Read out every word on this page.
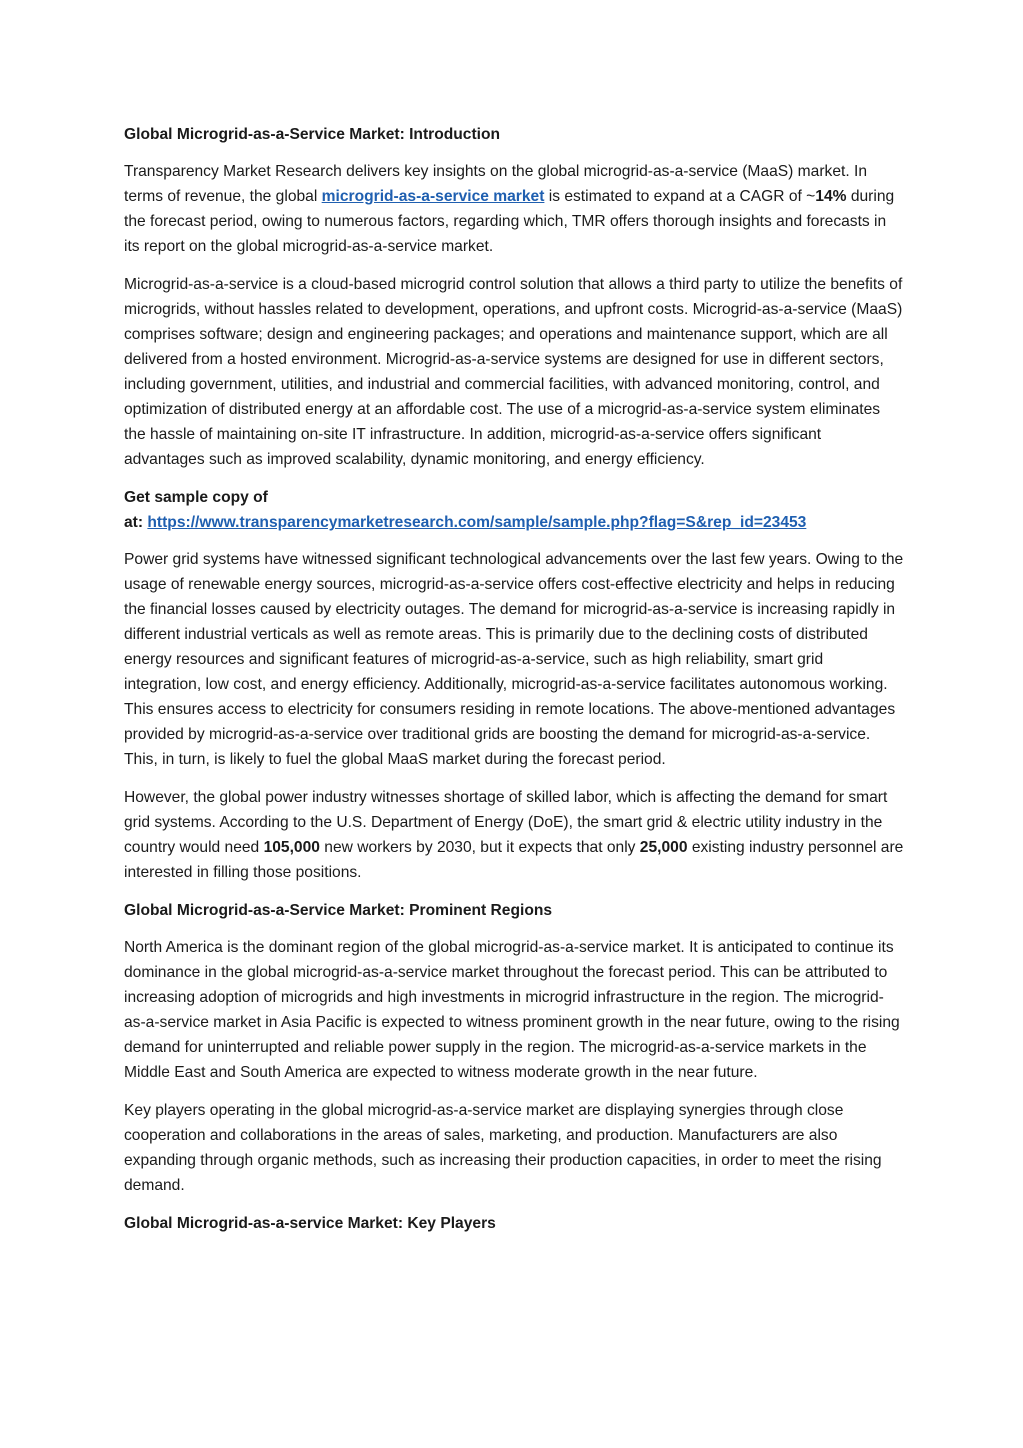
Global Microgrid-as-a-Service Market: Introduction

Transparency Market Research delivers key insights on the global microgrid-as-a-service (MaaS) market. In terms of revenue, the global microgrid-as-a-service market is estimated to expand at a CAGR of ~14% during the forecast period, owing to numerous factors, regarding which, TMR offers thorough insights and forecasts in its report on the global microgrid-as-a-service market.

Microgrid-as-a-service is a cloud-based microgrid control solution that allows a third party to utilize the benefits of microgrids, without hassles related to development, operations, and upfront costs. Microgrid-as-a-service (MaaS) comprises software; design and engineering packages; and operations and maintenance support, which are all delivered from a hosted environment. Microgrid-as-a-service systems are designed for use in different sectors, including government, utilities, and industrial and commercial facilities, with advanced monitoring, control, and optimization of distributed energy at an affordable cost. The use of a microgrid-as-a-service system eliminates the hassle of maintaining on-site IT infrastructure. In addition, microgrid-as-a-service offers significant advantages such as improved scalability, dynamic monitoring, and energy efficiency.

Get sample copy of
at: https://www.transparencymarketresearch.com/sample/sample.php?flag=S&rep_id=23453

Power grid systems have witnessed significant technological advancements over the last few years. Owing to the usage of renewable energy sources, microgrid-as-a-service offers cost-effective electricity and helps in reducing the financial losses caused by electricity outages. The demand for microgrid-as-a-service is increasing rapidly in different industrial verticals as well as remote areas. This is primarily due to the declining costs of distributed energy resources and significant features of microgrid-as-a-service, such as high reliability, smart grid integration, low cost, and energy efficiency. Additionally, microgrid-as-a-service facilitates autonomous working. This ensures access to electricity for consumers residing in remote locations. The above-mentioned advantages provided by microgrid-as-a-service over traditional grids are boosting the demand for microgrid-as-a-service. This, in turn, is likely to fuel the global MaaS market during the forecast period.

However, the global power industry witnesses shortage of skilled labor, which is affecting the demand for smart grid systems. According to the U.S. Department of Energy (DoE), the smart grid & electric utility industry in the country would need 105,000 new workers by 2030, but it expects that only 25,000 existing industry personnel are interested in filling those positions.

Global Microgrid-as-a-Service Market: Prominent Regions

North America is the dominant region of the global microgrid-as-a-service market. It is anticipated to continue its dominance in the global microgrid-as-a-service market throughout the forecast period. This can be attributed to increasing adoption of microgrids and high investments in microgrid infrastructure in the region. The microgrid-as-a-service market in Asia Pacific is expected to witness prominent growth in the near future, owing to the rising demand for uninterrupted and reliable power supply in the region. The microgrid-as-a-service markets in the Middle East and South America are expected to witness moderate growth in the near future.

Key players operating in the global microgrid-as-a-service market are displaying synergies through close cooperation and collaborations in the areas of sales, marketing, and production. Manufacturers are also expanding through organic methods, such as increasing their production capacities, in order to meet the rising demand.

Global Microgrid-as-a-service Market: Key Players
